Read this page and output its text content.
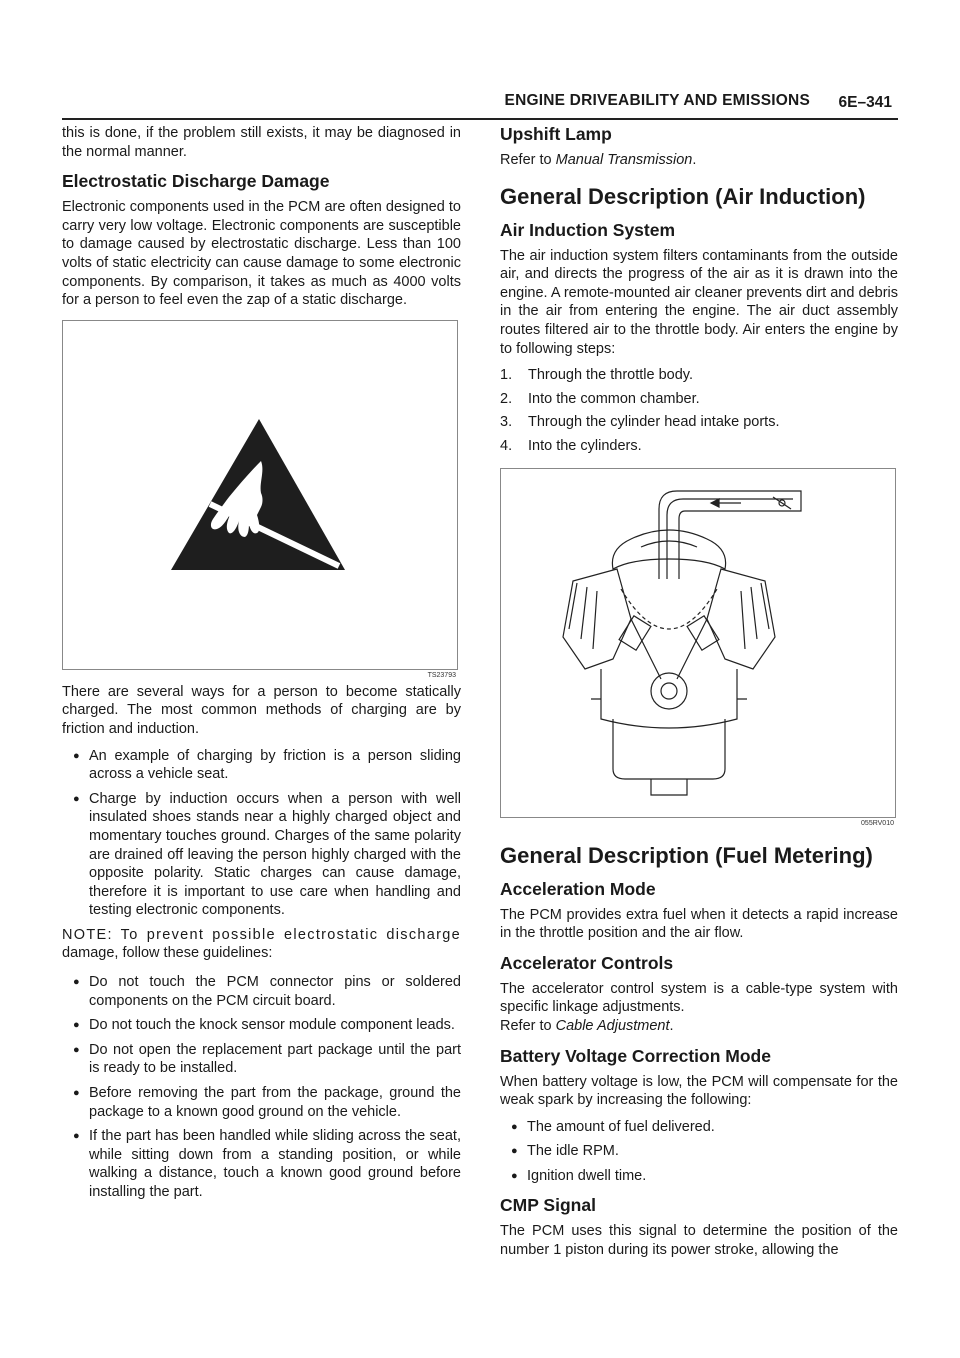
ENGINE DRIVEABILITY AND EMISSIONS 6E–341

this is done, if the problem still exists, it may be diagnosed in the normal manner.

Electrostatic Discharge Damage

Electronic components used in the PCM are often designed to carry very low voltage. Electronic components are susceptible to damage caused by electrostatic discharge. Less than 100 volts of static electricity can cause damage to some electronic components. By comparison, it takes as much as 4000 volts for a person to feel even the zap of a static discharge.

TS23793

There are several ways for a person to become statically charged. The most common methods of charging are by friction and induction.

● An example of charging by friction is a person sliding across a vehicle seat.
● Charge by induction occurs when a person with well insulated shoes stands near a highly charged object and momentary touches ground. Charges of the same polarity are drained off leaving the person highly charged with the opposite polarity. Static charges can cause damage, therefore it is important to use care when handling and testing electronic components.

NOTE: To prevent possible electrostatic discharge damage, follow these guidelines:

● Do not touch the PCM connector pins or soldered components on the PCM circuit board.
● Do not touch the knock sensor module component leads.
● Do not open the replacement part package until the part is ready to be installed.
● Before removing the part from the package, ground the package to a known good ground on the vehicle.
● If the part has been handled while sliding across the seat, while sitting down from a standing position, or while walking a distance, touch a known good ground before installing the part.
Upshift Lamp

Refer to Manual Transmission.

General Description (Air Induction)
Air Induction System

The air induction system filters contaminants from the outside air, and directs the progress of the air as it is drawn into the engine. A remote-mounted air cleaner prevents dirt and debris in the air from entering the engine. The air duct assembly routes filtered air to the throttle body. Air enters the engine by to following steps:

1. Through the throttle body.
2. Into the common chamber.
3. Through the cylinder head intake ports.
4. Into the cylinders.
055RV010
General Description (Fuel Metering)
Acceleration Mode

The PCM provides extra fuel when it detects a rapid increase in the throttle position and the air flow.

Accelerator Controls

The accelerator control system is a cable-type system with specific linkage adjustments.

Refer to Cable Adjustment.

Battery Voltage Correction Mode

When battery voltage is low, the PCM will compensate for the weak spark by increasing the following:

● The amount of fuel delivered.
● The idle RPM.
● Ignition dwell time.
CMP Signal

The PCM uses this signal to determine the position of the number 1 piston during its power stroke, allowing the
